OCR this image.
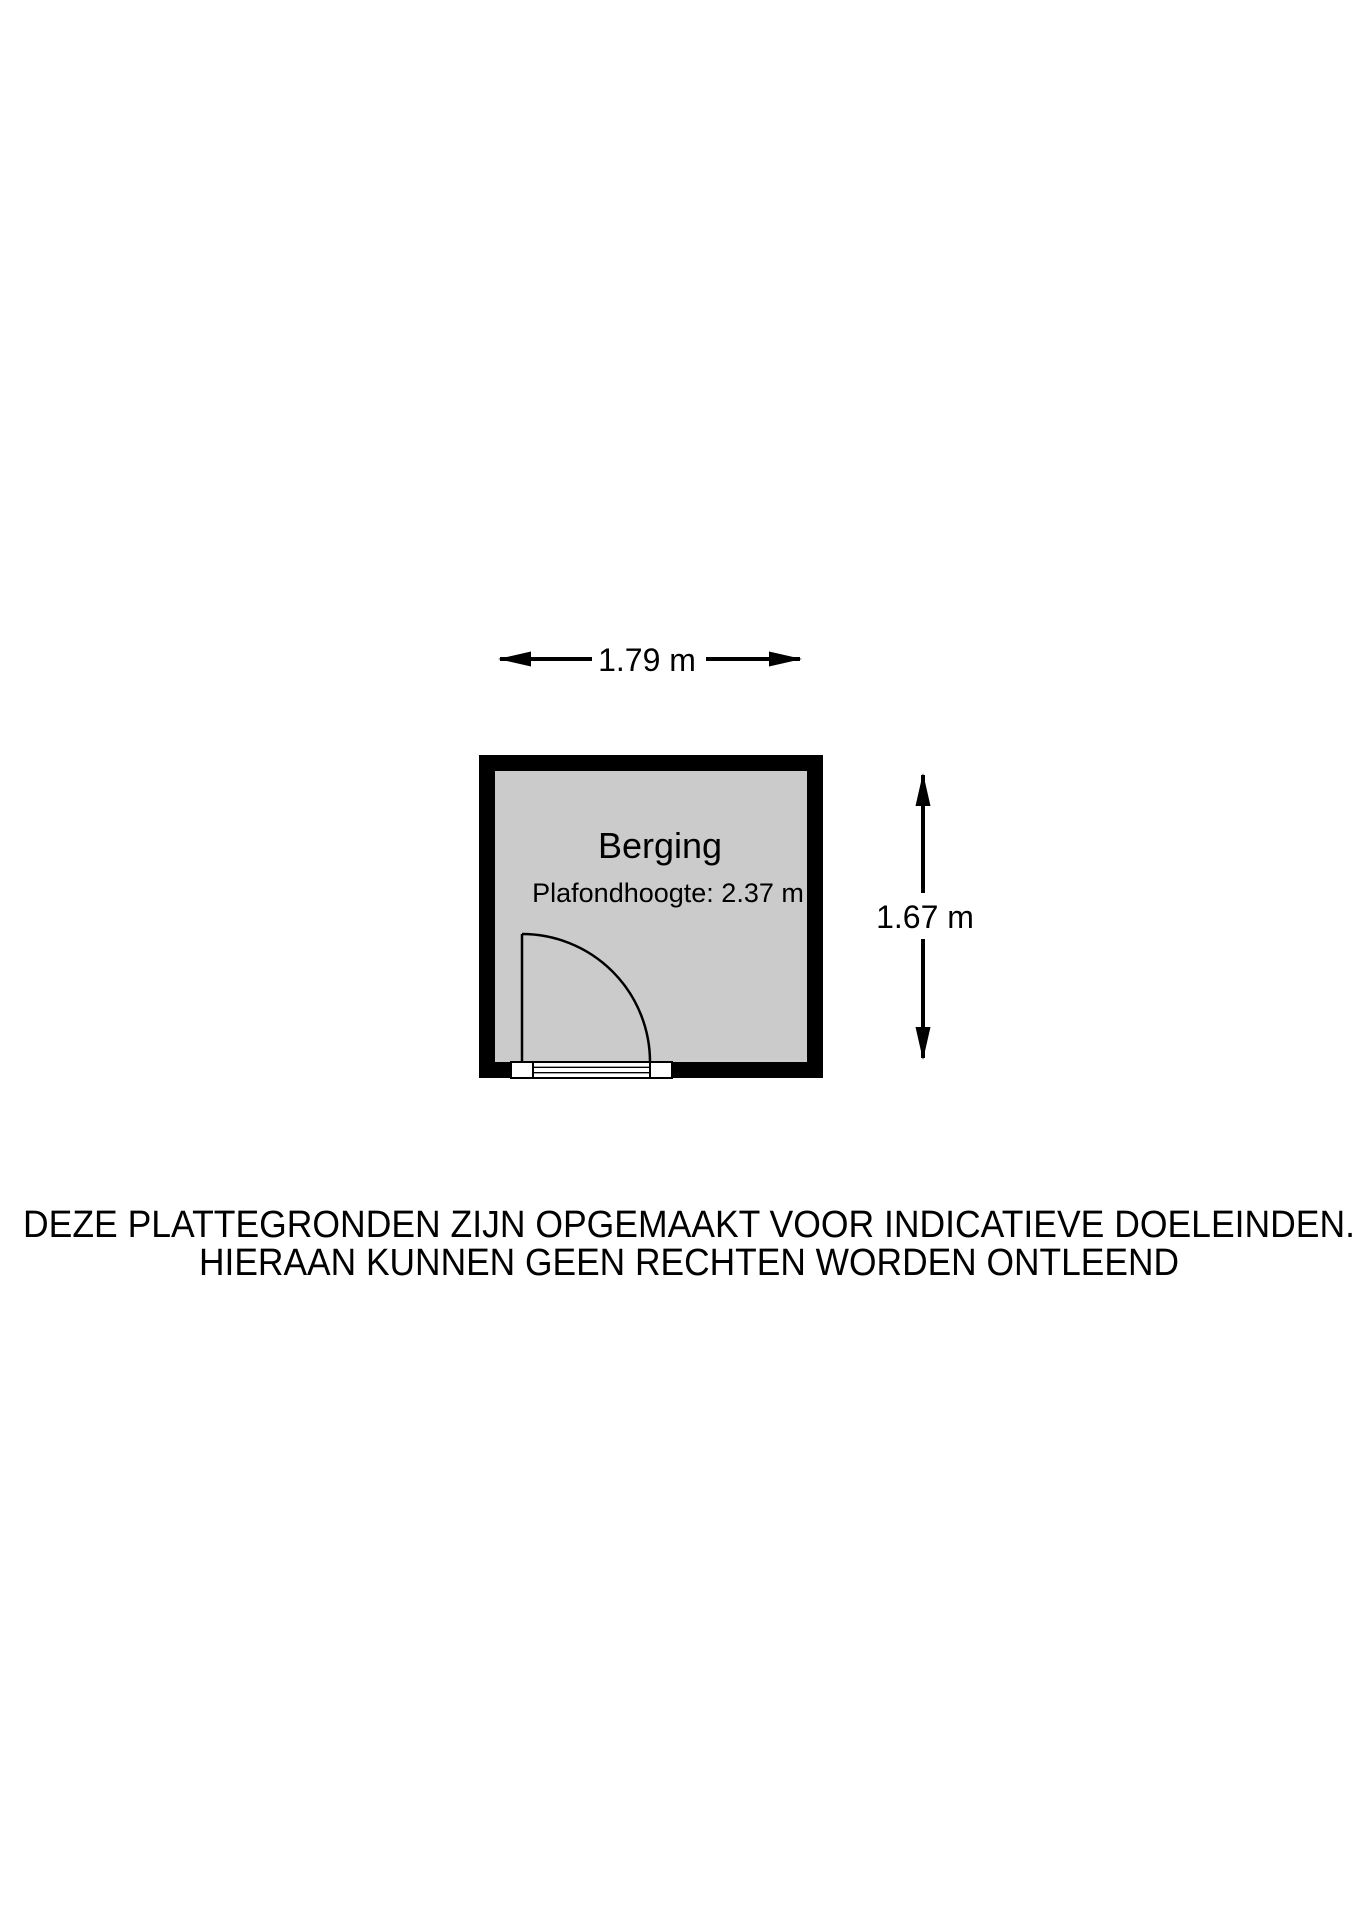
1.79 m
Berging
Plafondhoogte: 2.37 m
1.67 m
DEZE PLATTEGRONDEN ZIJN OPGEMAAKT VOOR INDICATIEVE DOELEINDEN.
HIERAAN KUNNEN GEEN RECHTEN WORDEN ONTLEEND
